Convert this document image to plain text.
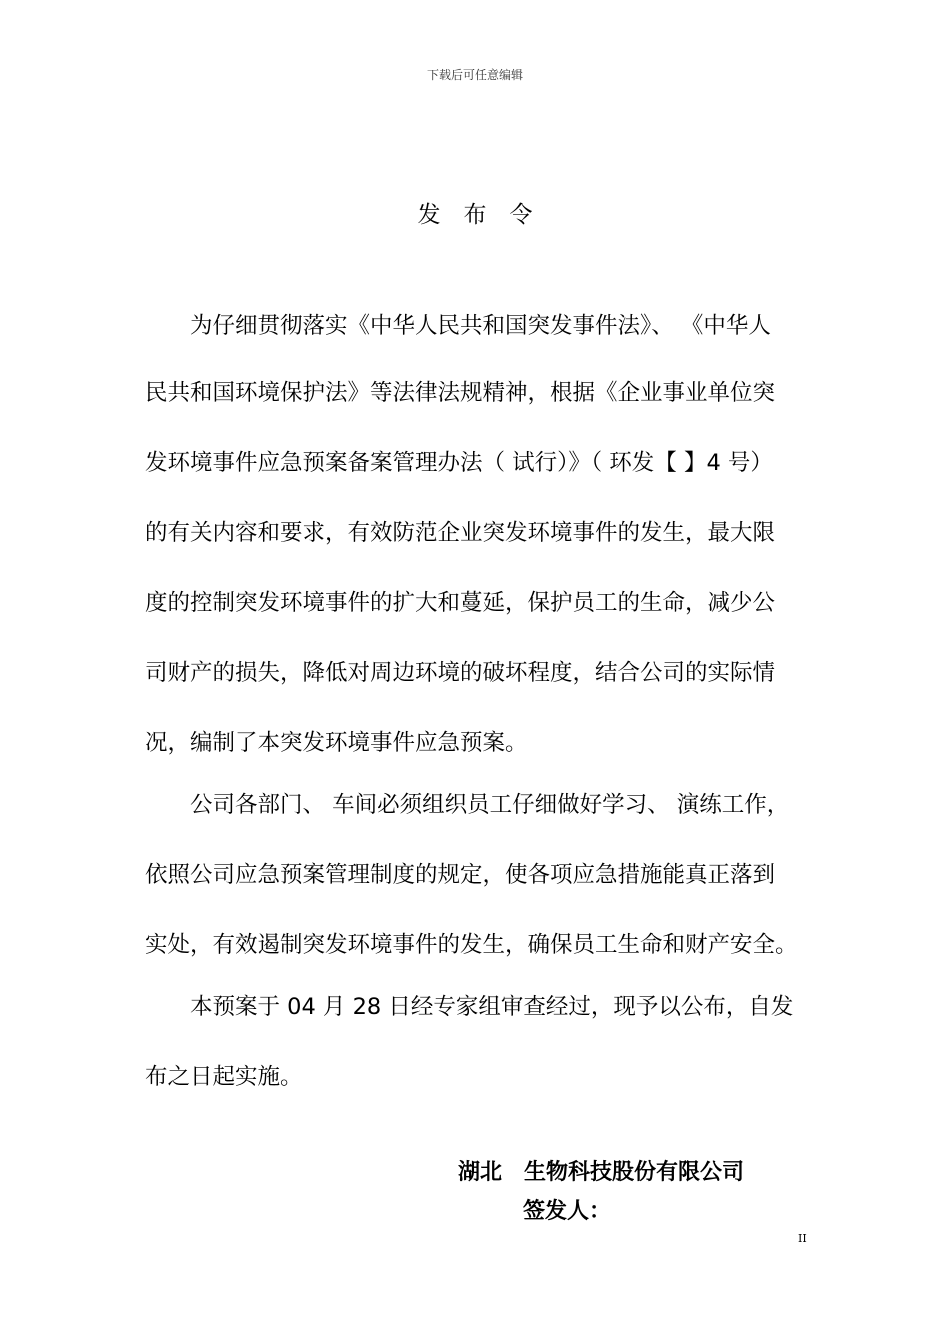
下载后可任意编辑
发布令
为仔细贯彻落实《中华人民共和国突发事件法》、 《中华人
民共和国环境保护法》等法律法规精神，根据《企业事业单位突
发环境事件应急预案备案管理办法（ 试行）》（ 环发【 】4 号）
的有关内容和要求，有效防范企业突发环境事件的发生，最大限
度的控制突发环境事件的扩大和蔓延，保护员工的生命，减少公
司财产的损失，降低对周边环境的破坏程度，结合公司的实际情
况，编制了本突发环境事件应急预案。
公司各部门、 车间必须组织员工仔细做好学习、 演练工作，
依照公司应急预案管理制度的规定，使各项应急措施能真正落到
实处，有效遏制突发环境事件的发生，确保员工生命和财产安全。
本预案于 04 月 28 日经专家组审查经过，现予以公布，自发
布之日起实施。
湖北　生物科技股份有限公司
签发人：
II
